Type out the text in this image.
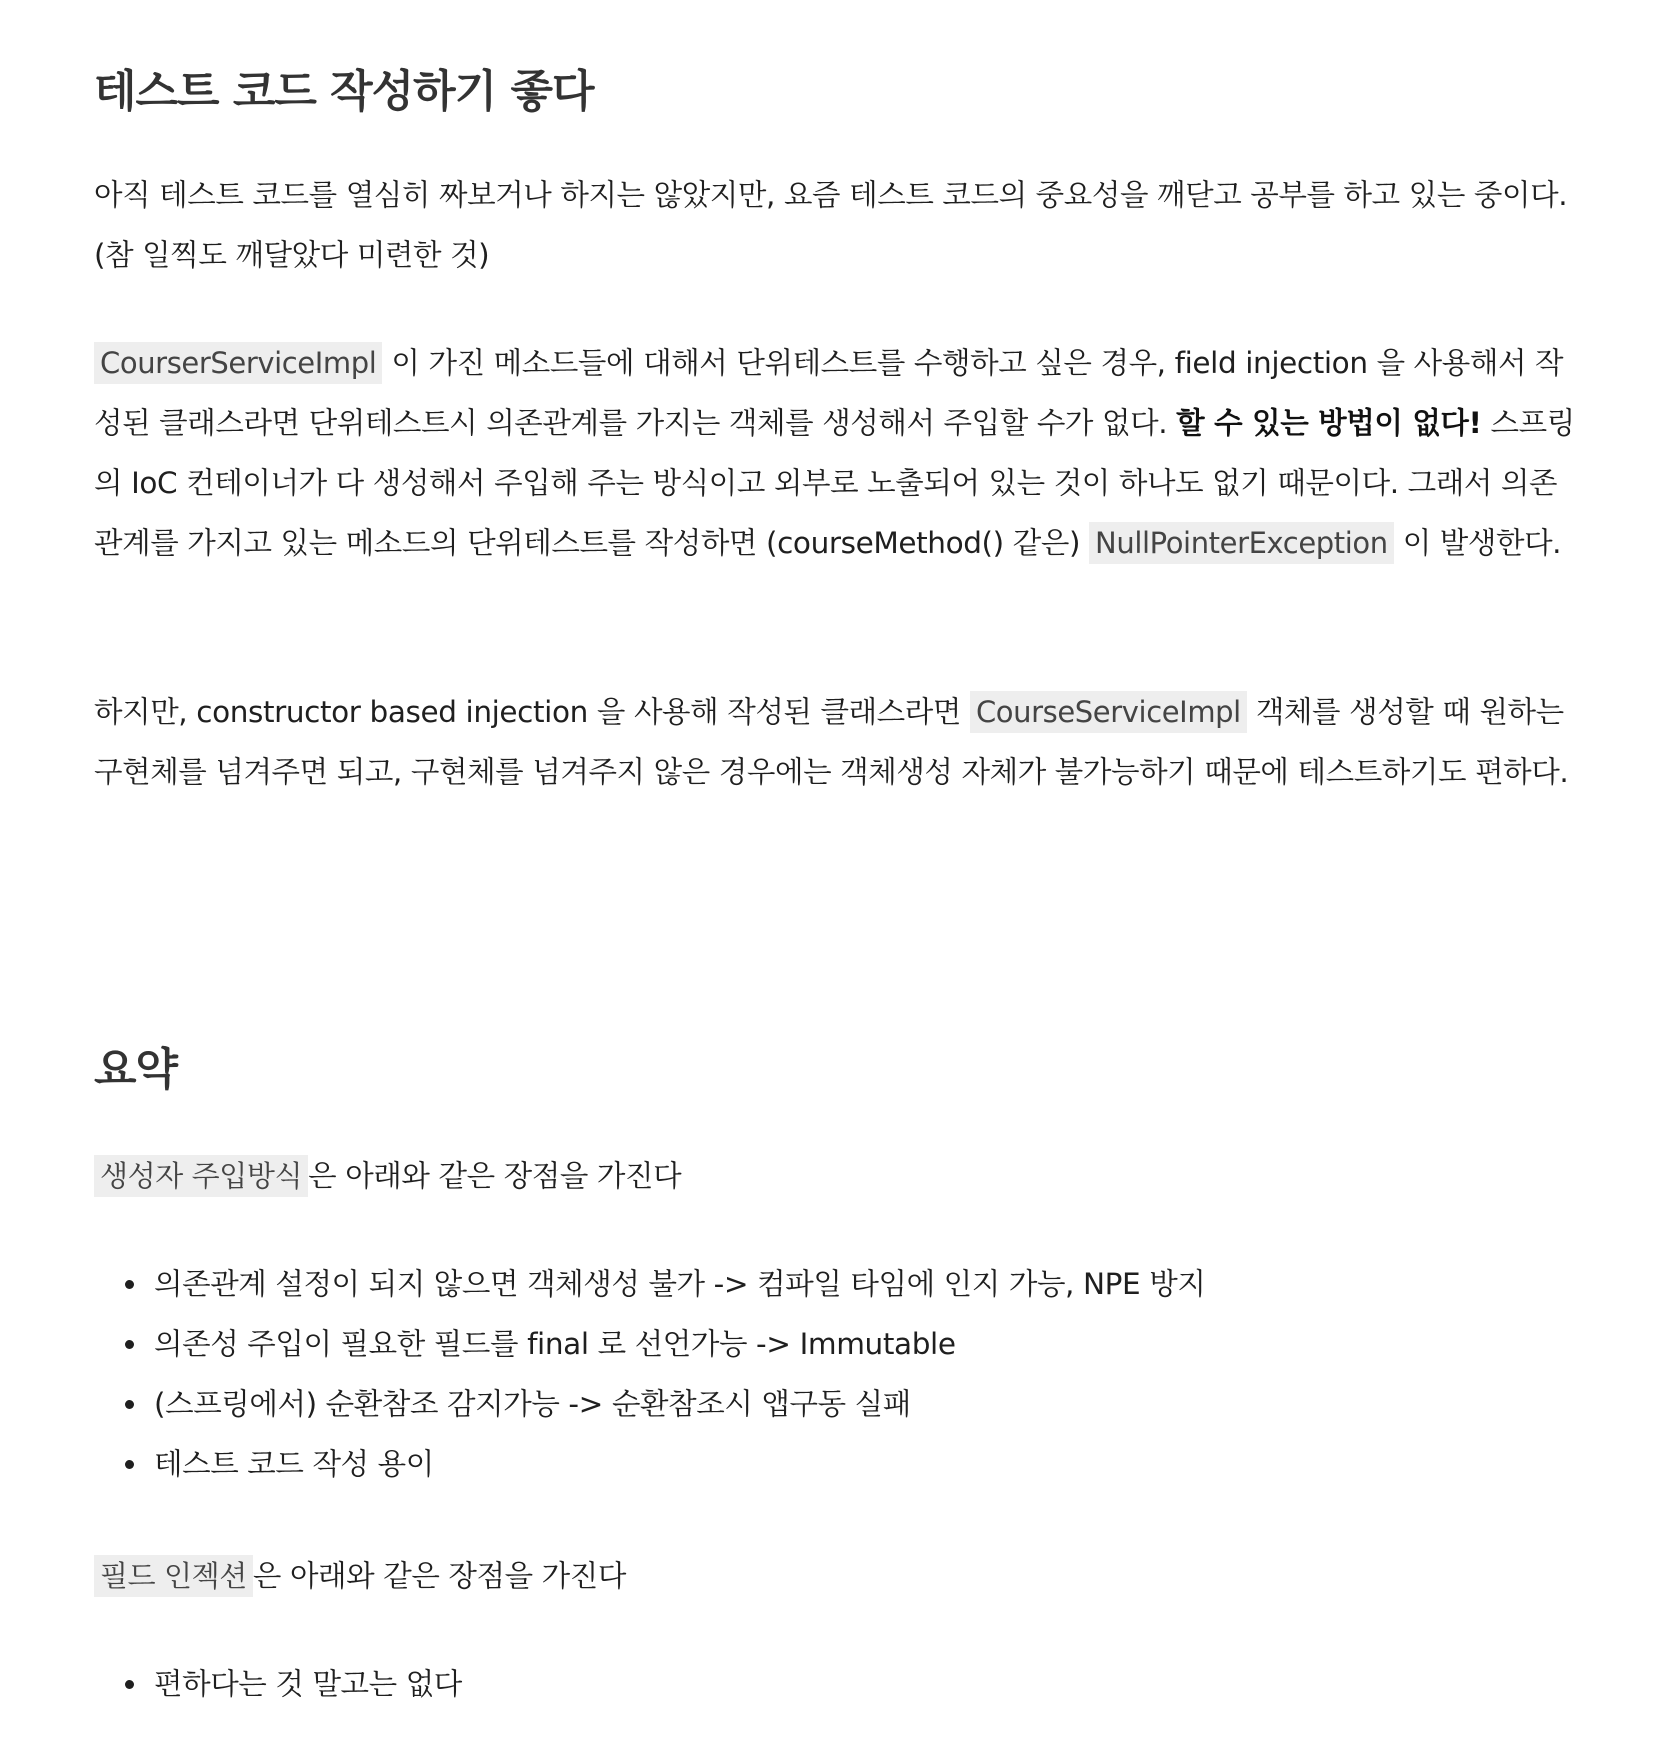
테스트 코드 작성하기 좋다

아직 테스트 코드를 열심히 짜보거나 하지는 않았지만, 요즘 테스트 코드의 중요성을 깨닫고 공부를 하고 있는 중이다. (참 일찍도 깨달았다 미련한 것)

CourserServiceImpl 이 가진 메소드들에 대해서 단위테스트를 수행하고 싶은 경우, field injection 을 사용해서 작성된 클래스라면 단위테스트시 의존관계를 가지는 객체를 생성해서 주입할 수가 없다. 할 수 있는 방법이 없다! 스프링의 IoC 컨테이너가 다 생성해서 주입해 주는 방식이고 외부로 노출되어 있는 것이 하나도 없기 때문이다. 그래서 의존관계를 가지고 있는 메소드의 단위테스트를 작성하면 (courseMethod() 같은) NullPointerException 이 발생한다.

하지만, constructor based injection 을 사용해 작성된 클래스라면 CourseServiceImpl 객체를 생성할 때 원하는 구현체를 넘겨주면 되고, 구현체를 넘겨주지 않은 경우에는 객체생성 자체가 불가능하기 때문에 테스트하기도 편하다.

요약

생성자 주입방식 은 아래와 같은 장점을 가진다

의존관계 설정이 되지 않으면 객체생성 불가 -> 컴파일 타임에 인지 가능, NPE 방지
의존성 주입이 필요한 필드를 final 로 선언가능 -> Immutable
(스프링에서) 순환참조 감지가능 -> 순환참조시 앱구동 실패
테스트 코드 작성 용이

필드 인젝션 은 아래와 같은 장점을 가진다

편하다는 것 말고는 없다
